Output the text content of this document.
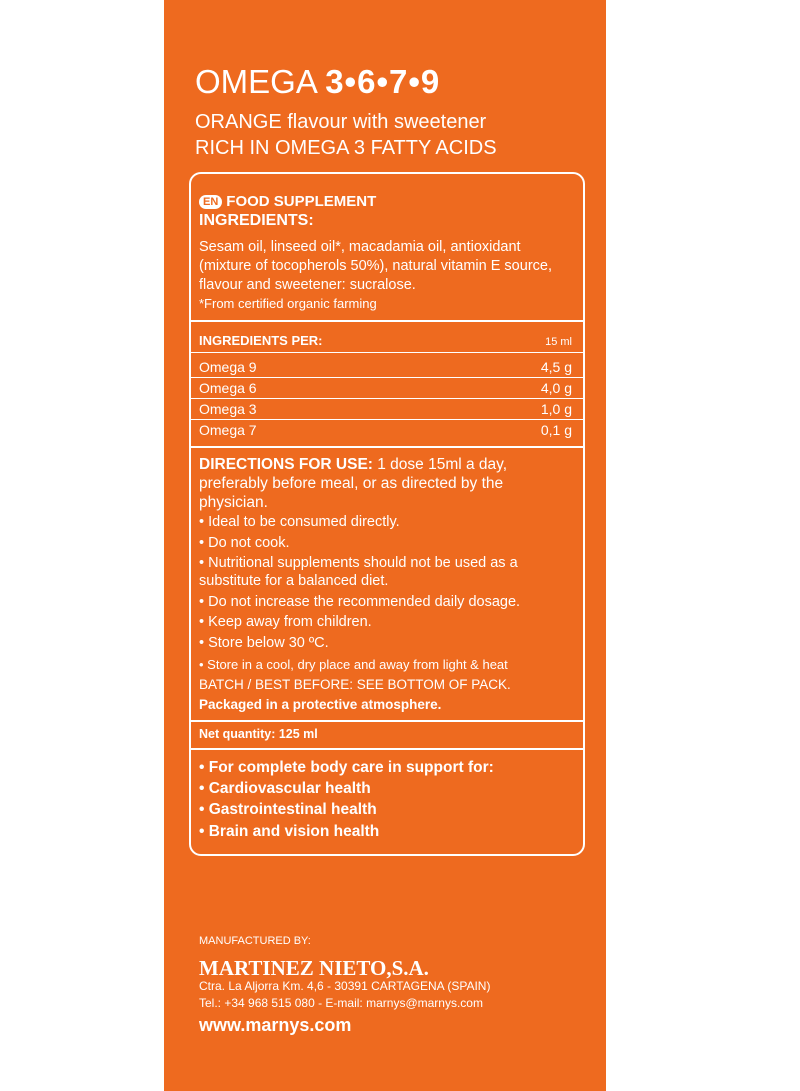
OMEGA 3•6•7•9
ORANGE flavour with sweetener
RICH IN OMEGA 3 FATTY ACIDS
EN FOOD SUPPLEMENT
INGREDIENTS:
Sesam oil, linseed oil*, macadamia oil, antioxidant
(mixture of tocopherols 50%), natural vitamin E source,
flavour and sweetener: sucralose.
*From certified organic farming
INGREDIENTS PER:	15 ml
Omega 9	4,5 g
Omega 6	4,0 g
Omega 3	1,0 g
Omega 7	0,1 g
DIRECTIONS FOR USE: 1 dose 15ml a day,
preferably before meal, or as directed by the
physician.
• Ideal to be consumed directly.
• Do not cook.
• Nutritional supplements should not be used as a
substitute for a balanced diet.
• Do not increase the recommended daily dosage.
• Keep away from children.
• Store below 30 ºC.
• Store in a cool, dry place and away from light & heat
BATCH / BEST BEFORE: SEE BOTTOM OF PACK.
Packaged in a protective atmosphere.
Net quantity: 125 ml
• For complete body care in support for:
• Cardiovascular health
• Gastrointestinal health
• Brain and vision health
MANUFACTURED BY:
MARTINEZ NIETO,S.A.
Ctra. La Aljorra Km. 4,6 - 30391 CARTAGENA (SPAIN)
Tel.: +34 968 515 080 - E-mail: marnys@marnys.com
www.marnys.com
